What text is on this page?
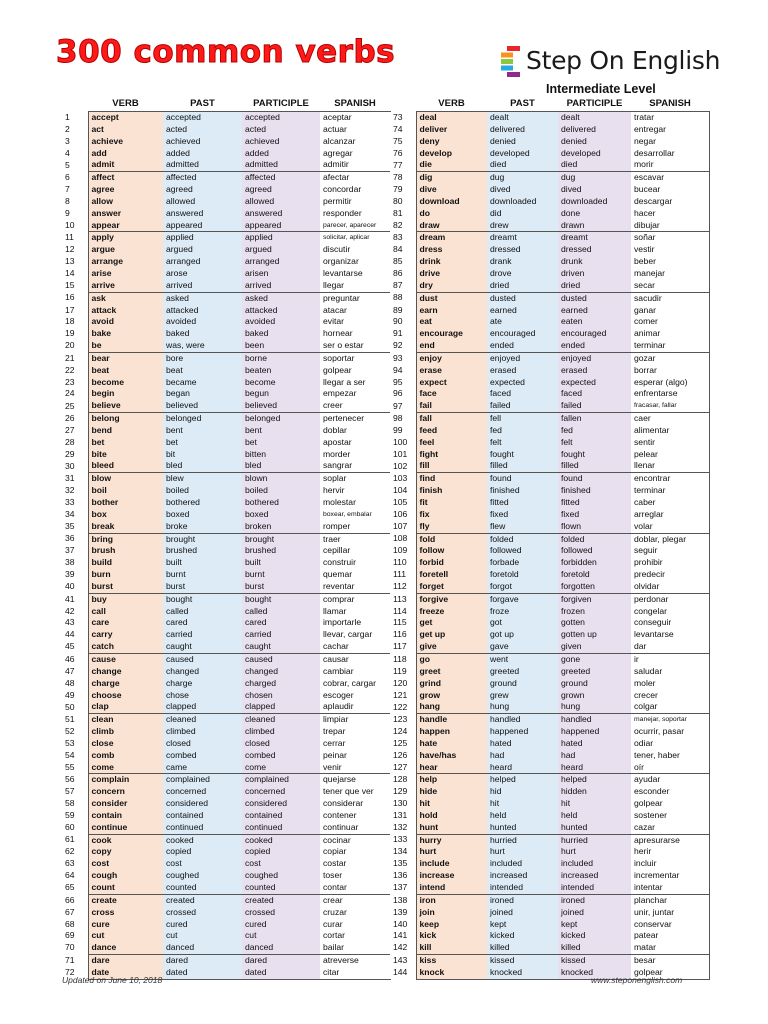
300 common verbs	Step On English

Intermediate Level

VERB	PAST	PARTICIPLE	SPANISH	VERB	PAST	PARTICIPLE	SPANISH
1	accept	accepted	accepted	aceptar
2	act	acted	acted	actuar
3	achieve	achieved	achieved	alcanzar
4	add	added	added	agregar
5	admit	admitted	admitted	admitir
6	affect	affected	affected	afectar
7	agree	agreed	agreed	concordar
8	allow	allowed	allowed	permitir
9	answer	answered	answered	responder
10	appear	appeared	appeared	parecer, aparecer
11	apply	applied	applied	solicitar, aplicar
12	argue	argued	argued	discutir
13	arrange	arranged	arranged	organizar
14	arise	arose	arisen	levantarse
15	arrive	arrived	arrived	llegar
16	ask	asked	asked	preguntar
17	attack	attacked	attacked	atacar
18	avoid	avoided	avoided	evitar
19	bake	baked	baked	hornear
20	be	was, were	been	ser o estar
21	bear	bore	borne	soportar
22	beat	beat	beaten	golpear
23	become	became	become	llegar a ser
24	begin	began	begun	empezar
25	believe	believed	believed	creer
26	belong	belonged	belonged	pertenecer
27	bend	bent	bent	doblar
28	bet	bet	bet	apostar
29	bite	bit	bitten	morder
30	bleed	bled	bled	sangrar
31	blow	blew	blown	soplar
32	boil	boiled	boiled	hervir
33	bother	bothered	bothered	molestar
34	box	boxed	boxed	boxear, embalar
35	break	broke	broken	romper
36	bring	brought	brought	traer
37	brush	brushed	brushed	cepillar
38	build	built	built	construir
39	burn	burnt	burnt	quemar
40	burst	burst	burst	reventar
41	buy	bought	bought	comprar
42	call	called	called	llamar
43	care	cared	cared	importarle
44	carry	carried	carried	llevar, cargar
45	catch	caught	caught	cachar
46	cause	caused	caused	causar
47	change	changed	changed	cambiar
48	charge	charge	charged	cobrar, cargar
49	choose	chose	chosen	escoger
50	clap	clapped	clapped	aplaudir
51	clean	cleaned	cleaned	limpiar
52	climb	climbed	climbed	trepar
53	close	closed	closed	cerrar
54	comb	combed	combed	peinar
55	come	came	come	venir
56	complain	complained	complained	quejarse
57	concern	concerned	concerned	tener que ver
58	consider	considered	considered	considerar
59	contain	contained	contained	contener
60	continue	continued	continued	continuar
61	cook	cooked	cooked	cocinar
62	copy	copied	copied	copiar
63	cost	cost	cost	costar
64	cough	coughed	coughed	toser
65	count	counted	counted	contar
66	create	created	created	crear
67	cross	crossed	crossed	cruzar
68	cure	cured	cured	curar
69	cut	cut	cut	cortar
70	dance	danced	danced	bailar
71	dare	dared	dared	atreverse
72	date	dated	dated	citar
73	deal	dealt	dealt	tratar
74	deliver	delivered	delivered	entregar
75	deny	denied	denied	negar
76	develop	developed	developed	desarrollar
77	die	died	died	morir
78	dig	dug	dug	escavar
79	dive	dived	dived	bucear
80	download	downloaded	downloaded	descargar
81	do	did	done	hacer
82	draw	drew	drawn	dibujar
83	dream	dreamt	dreamt	soñar
84	dress	dressed	dressed	vestir
85	drink	drank	drunk	beber
86	drive	drove	driven	manejar
87	dry	dried	dried	secar
88	dust	dusted	dusted	sacudir
89	earn	earned	earned	ganar
90	eat	ate	eaten	comer
91	encourage	encouraged	encouraged	animar
92	end	ended	ended	terminar
93	enjoy	enjoyed	enjoyed	gozar
94	erase	erased	erased	borrar
95	expect	expected	expected	esperar (algo)
96	face	faced	faced	enfrentarse
97	fail	failed	failed	fracasar, fallar
98	fall	fell	fallen	caer
99	feed	fed	fed	alimentar
100	feel	felt	felt	sentir
101	fight	fought	fought	pelear
102	fill	filled	filled	llenar
103	find	found	found	encontrar
104	finish	finished	finished	terminar
105	fit	fitted	fitted	caber
106	fix	fixed	fixed	arreglar
107	fly	flew	flown	volar
108	fold	folded	folded	doblar, plegar
109	follow	followed	followed	seguir
110	forbid	forbade	forbidden	prohibir
111	foretell	foretold	foretold	predecir
112	forget	forgot	forgotten	olvidar
113	forgive	forgave	forgiven	perdonar
114	freeze	froze	frozen	congelar
115	get	got	gotten	conseguir
116	get up	got up	gotten up	levantarse
117	give	gave	given	dar
118	go	went	gone	ir
119	greet	greeted	greeted	saludar
120	grind	ground	ground	moler
121	grow	grew	grown	crecer
122	hang	hung	hung	colgar
123	handle	handled	handled	manejar, soportar
124	happen	happened	happened	ocurrir, pasar
125	hate	hated	hated	odiar
126	have/has	had	had	tener, haber
127	hear	heard	heard	oír
128	help	helped	helped	ayudar
129	hide	hid	hidden	esconder
130	hit	hit	hit	golpear
131	hold	held	held	sostener
132	hunt	hunted	hunted	cazar
133	hurry	hurried	hurried	apresurarse
134	hurt	hurt	hurt	herir
135	include	included	included	incluir
136	increase	increased	increased	incrementar
137	intend	intended	intended	intentar
138	iron	ironed	ironed	planchar
139	join	joined	joined	unir, juntar
140	keep	kept	kept	conservar
141	kick	kicked	kicked	patear
142	kill	killed	killed	matar
143	kiss	kissed	kissed	besar
144	knock	knocked	knocked	golpear

Updated on June 10, 2018	www.steponenglish.com
